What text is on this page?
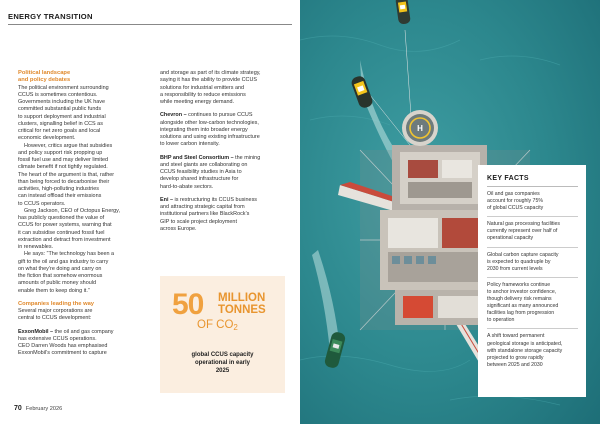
ENERGY TRANSITION
Political landscape
and policy debates
The political environment surrounding
CCUS is sometimes contentious.
Governments including the UK have
committed substantial public funds
to support deployment and industrial
clusters, signalling belief in CCS as
critical for net zero goals and local
economic development.
However, critics argue that subsidies
and policy support risk propping up
fossil fuel use and may deliver limited
climate benefit if not tightly regulated.
The heart of the argument is that, rather
than being forced to decarbonise their
activities, high-polluting industries
can instead offload their emissions
to CCUS operators.
Greg Jackson, CEO of Octopus Energy,
has publicly questioned the value of
CCUS for power systems, warning that
it can subsidise continued fossil fuel
extraction and detract from investment
in renewables.
He says: “The technology has been a
gift to the oil and gas industry to carry
on what they’re doing and carry on
the fiction that somehow enormous
amounts of public money should
enable them to keep doing it.”
Companies leading the way
Several major corporations are
central to CCUS development:
ExxonMobil – the oil and gas company
has extensive CCUS operations.
CEO Darren Woods has emphasised
ExxonMobil’s commitment to capture
and storage as part of its climate strategy,
saying it has the ability to provide CCUS
solutions for industrial emitters and
a responsibility to reduce emissions
while meeting energy demand.
Chevron – continues to pursue CCUS
alongside other low-carbon technologies,
integrating them into broader energy
solutions and using existing infrastructure
to lower carbon intensity.
BHP and Steel Consortium – the mining
and steel giants are collaborating on
CCUS feasibility studies in Asia to
develop shared infrastructure for
hard-to-abate sectors.
Eni – is restructuring its CCUS business
and attracting strategic capital from
institutional partners like BlackRock’s
GIP to scale project deployment
across Europe.
50 MILLION
TONNES
OF $CO_2$
global CCUS capacity
operational in early
2025
70 February 2026
H
KEY FACTS
Oil and gas companies
account for roughly 75%
of global CCUS capacity
Natural gas processing facilities
currently represent over half of
operational capacity
Global carbon capture capacity
is expected to quadruple by
2030 from current levels
Policy frameworks continue
to anchor investor confidence,
though delivery risk remains
significant as many announced
facilities lag from progression
to operation
A shift toward permanent
geological storage is anticipated,
with standalone storage capacity
projected to grow rapidly
between 2025 and 2030
